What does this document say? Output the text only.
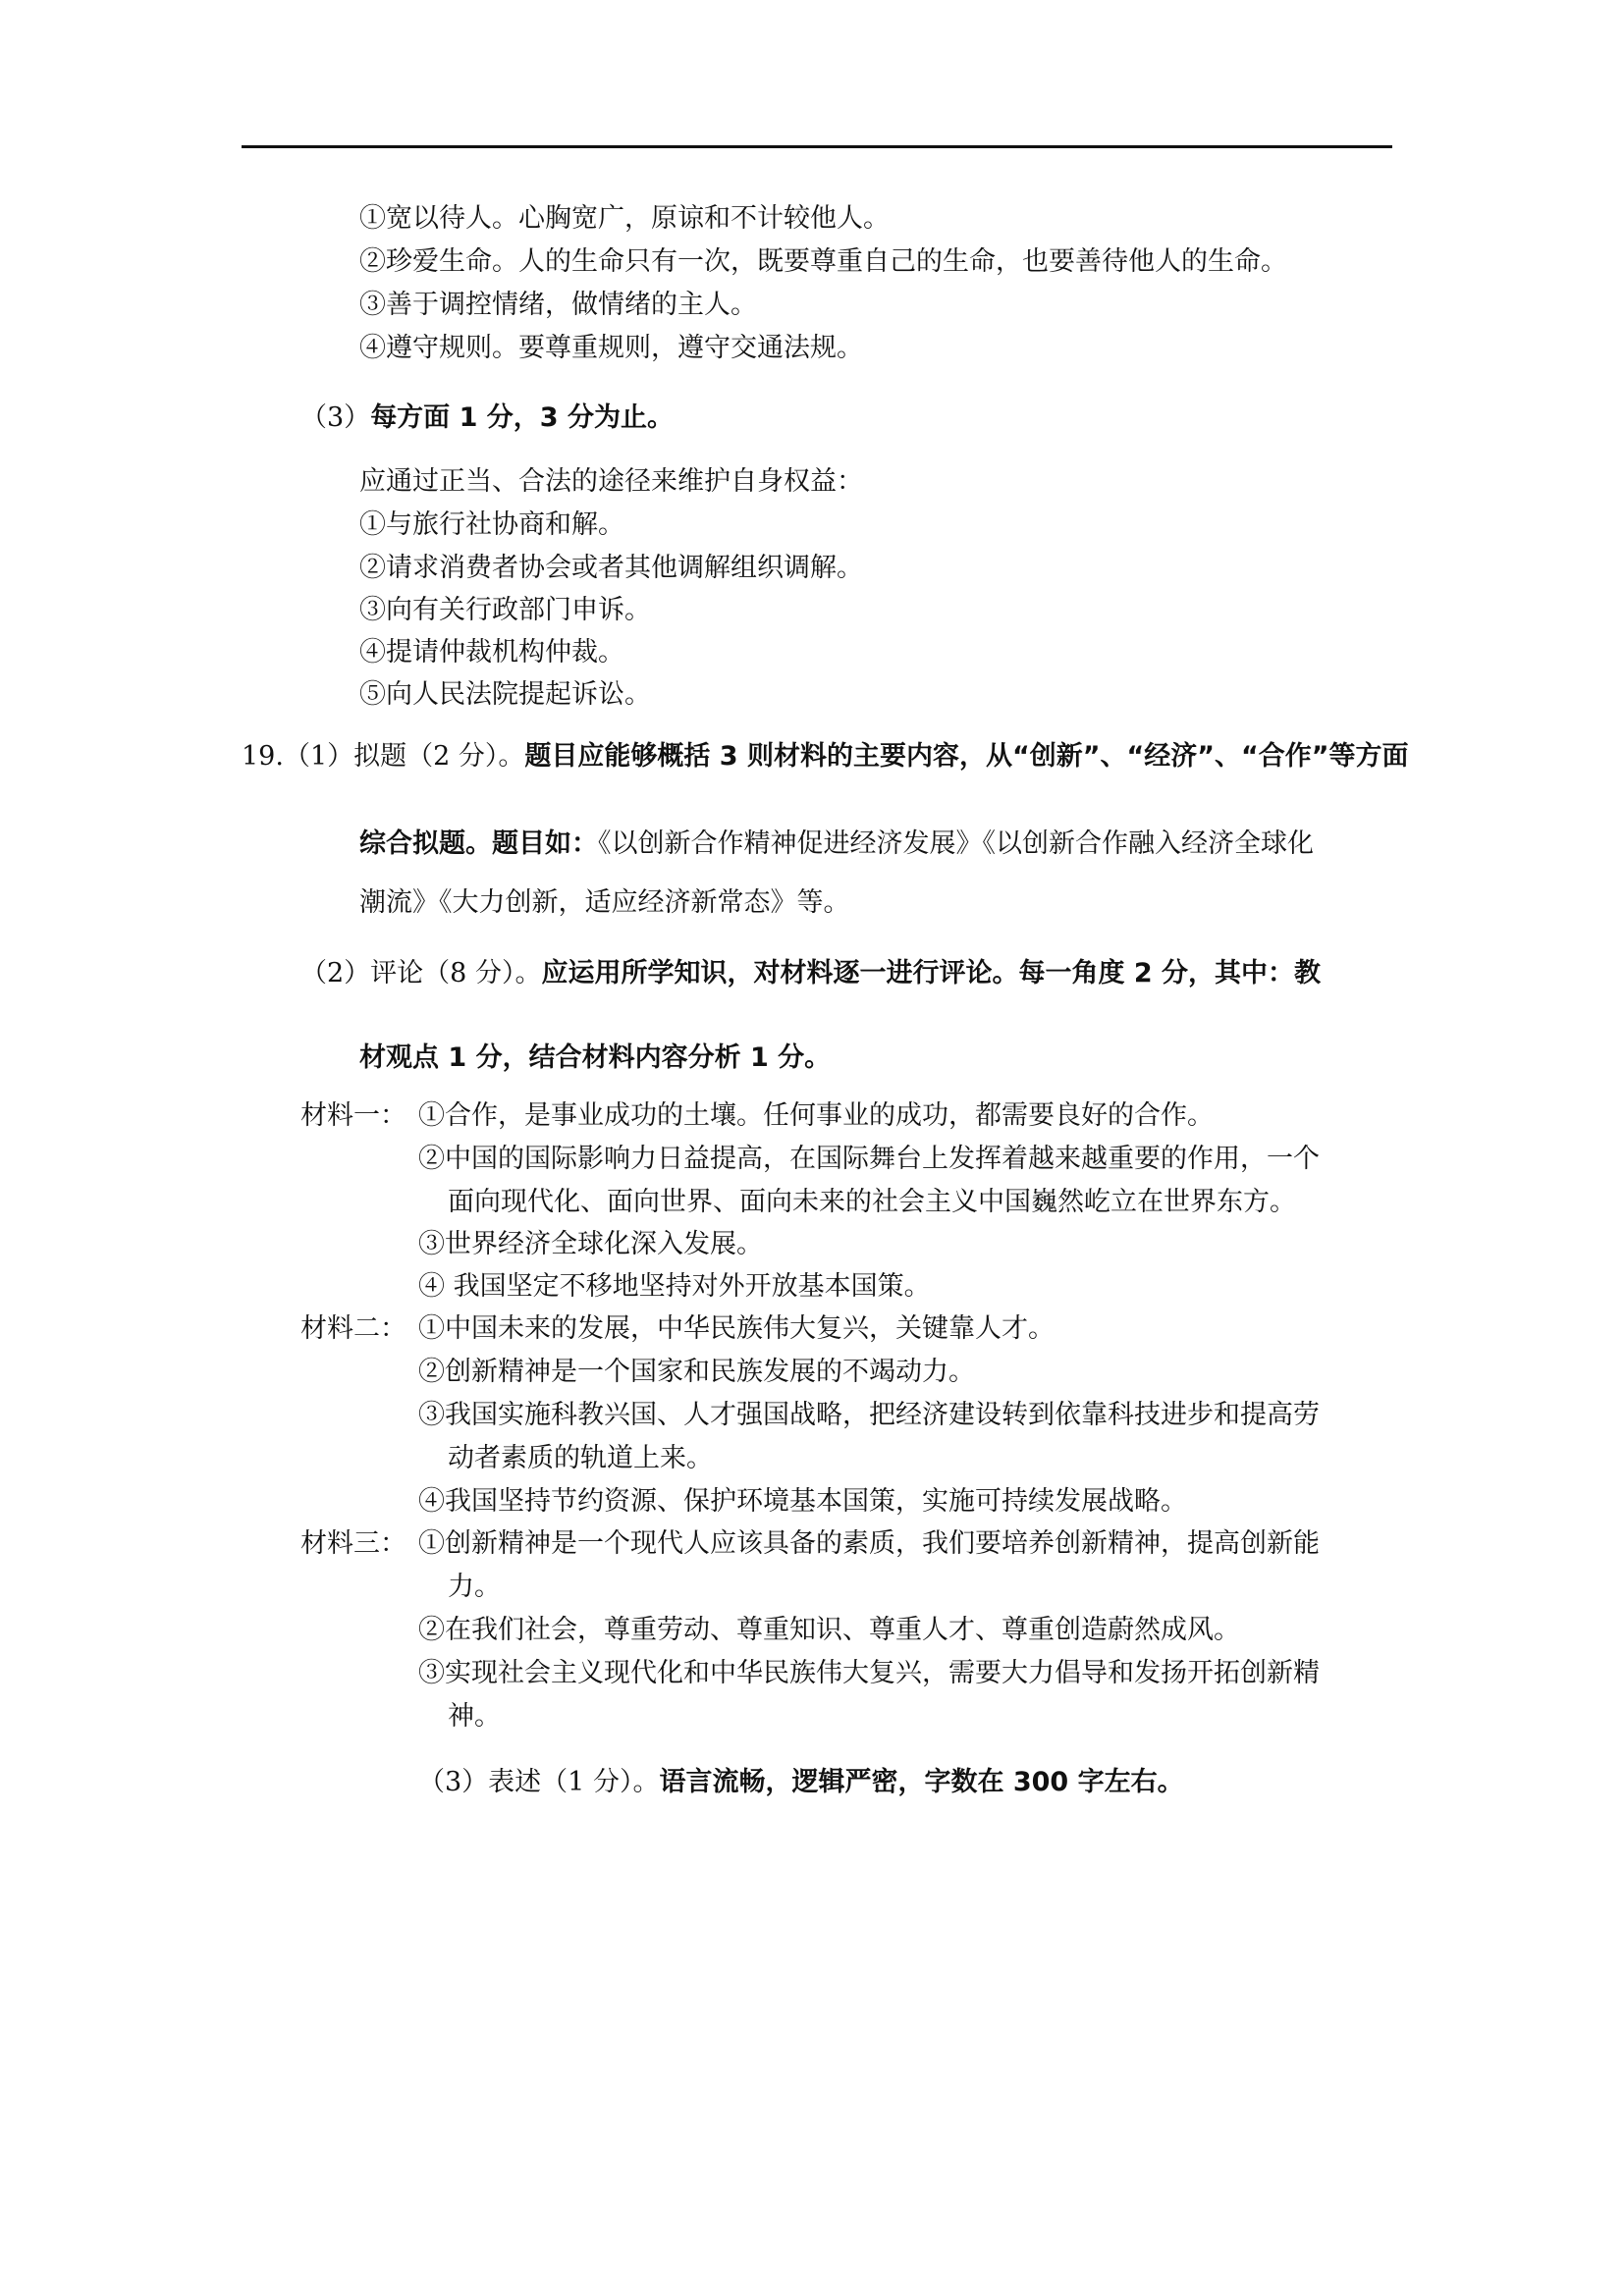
①宽以待人。心胸宽广，原谅和不计较他人。
②珍爱生命。人的生命只有一次，既要尊重自己的生命，也要善待他人的生命。
③善于调控情绪，做情绪的主人。
④遵守规则。要尊重规则，遵守交通法规。
（3）每方面 1 分，3 分为止。
应通过正当、合法的途径来维护自身权益：
①与旅行社协商和解。
②请求消费者协会或者其他调解组织调解。
③向有关行政部门申诉。
④提请仲裁机构仲裁。
⑤向人民法院提起诉讼。
19.（1）拟题（2 分）。题目应能够概括 3 则材料的主要内容，从“创新”、“经济”、“合作”等方面
综合拟题。题目如：《以创新合作精神促进经济发展》《以创新合作融入经济全球化
潮流》《大力创新，适应经济新常态》等。
（2）评论（8 分）。应运用所学知识，对材料逐一进行评论。每一角度 2 分，其中：教
材观点 1 分，结合材料内容分析 1 分。
材料一： ①合作，是事业成功的土壤。任何事业的成功，都需要良好的合作。
②中国的国际影响力日益提高，在国际舞台上发挥着越来越重要的作用，一个
面向现代化、面向世界、面向未来的社会主义中国巍然屹立在世界东方。
③世界经济全球化深入发展。
④ 我国坚定不移地坚持对外开放基本国策。
材料二： ①中国未来的发展，中华民族伟大复兴，关键靠人才。
②创新精神是一个国家和民族发展的不竭动力。
③我国实施科教兴国、人才强国战略，把经济建设转到依靠科技进步和提高劳
动者素质的轨道上来。
④我国坚持节约资源、保护环境基本国策，实施可持续发展战略。
材料三： ①创新精神是一个现代人应该具备的素质，我们要培养创新精神，提高创新能
力。
②在我们社会，尊重劳动、尊重知识、尊重人才、尊重创造蔚然成风。
③实现社会主义现代化和中华民族伟大复兴，需要大力倡导和发扬开拓创新精
神。
（3）表述（1 分）。语言流畅，逻辑严密，字数在 300 字左右。
